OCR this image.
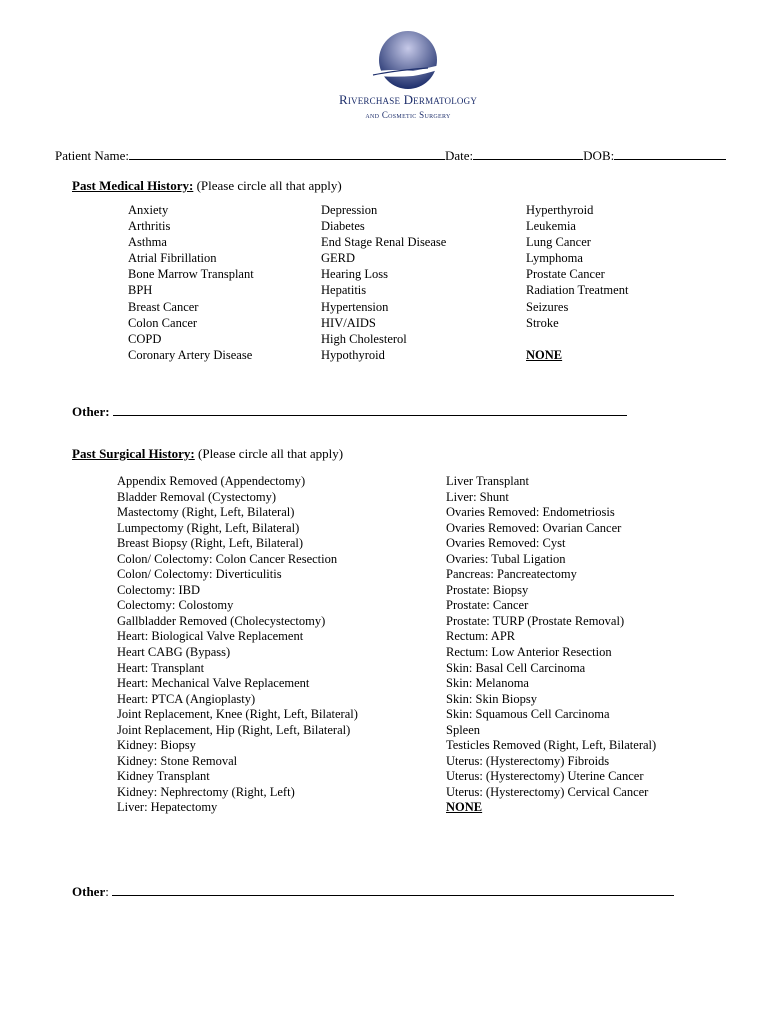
Riverchase Dermatology
and Cosmetic Surgery
Patient Name:	Date:	DOB:
Past Medical History: (Please circle all that apply)
Anxiety
Arthritis
Asthma
Atrial Fibrillation
Bone Marrow Transplant
BPH
Breast Cancer
Colon Cancer
COPD
Coronary Artery Disease
Depression
Diabetes
End Stage Renal Disease
GERD
Hearing Loss
Hepatitis
Hypertension
HIV/AIDS
High Cholesterol
Hypothyroid
Hyperthyroid
Leukemia
Lung Cancer
Lymphoma
Prostate Cancer
Radiation Treatment
Seizures
Stroke

NONE
Other:
Past Surgical History: (Please circle all that apply)
Appendix Removed (Appendectomy)
Bladder Removal (Cystectomy)
Mastectomy (Right, Left, Bilateral)
Lumpectomy (Right, Left, Bilateral)
Breast Biopsy (Right, Left, Bilateral)
Colon/ Colectomy: Colon Cancer Resection
Colon/ Colectomy: Diverticulitis
Colectomy: IBD
Colectomy: Colostomy
Gallbladder Removed (Cholecystectomy)
Heart: Biological Valve Replacement
Heart CABG (Bypass)
Heart: Transplant
Heart: Mechanical Valve Replacement
Heart: PTCA (Angioplasty)
Joint Replacement, Knee (Right, Left, Bilateral)
Joint Replacement, Hip (Right, Left, Bilateral)
Kidney: Biopsy
Kidney: Stone Removal
Kidney Transplant
Kidney: Nephrectomy (Right, Left)
Liver: Hepatectomy
Liver Transplant
Liver: Shunt
Ovaries Removed: Endometriosis
Ovaries Removed: Ovarian Cancer
Ovaries Removed: Cyst
Ovaries: Tubal Ligation
Pancreas: Pancreatectomy
Prostate: Biopsy
Prostate: Cancer
Prostate: TURP (Prostate Removal)
Rectum: APR
Rectum: Low Anterior Resection
Skin: Basal Cell Carcinoma
Skin: Melanoma
Skin: Skin Biopsy
Skin: Squamous Cell Carcinoma
Spleen
Testicles Removed (Right, Left, Bilateral)
Uterus: (Hysterectomy) Fibroids
Uterus: (Hysterectomy) Uterine Cancer
Uterus: (Hysterectomy) Cervical Cancer
NONE
Other:
